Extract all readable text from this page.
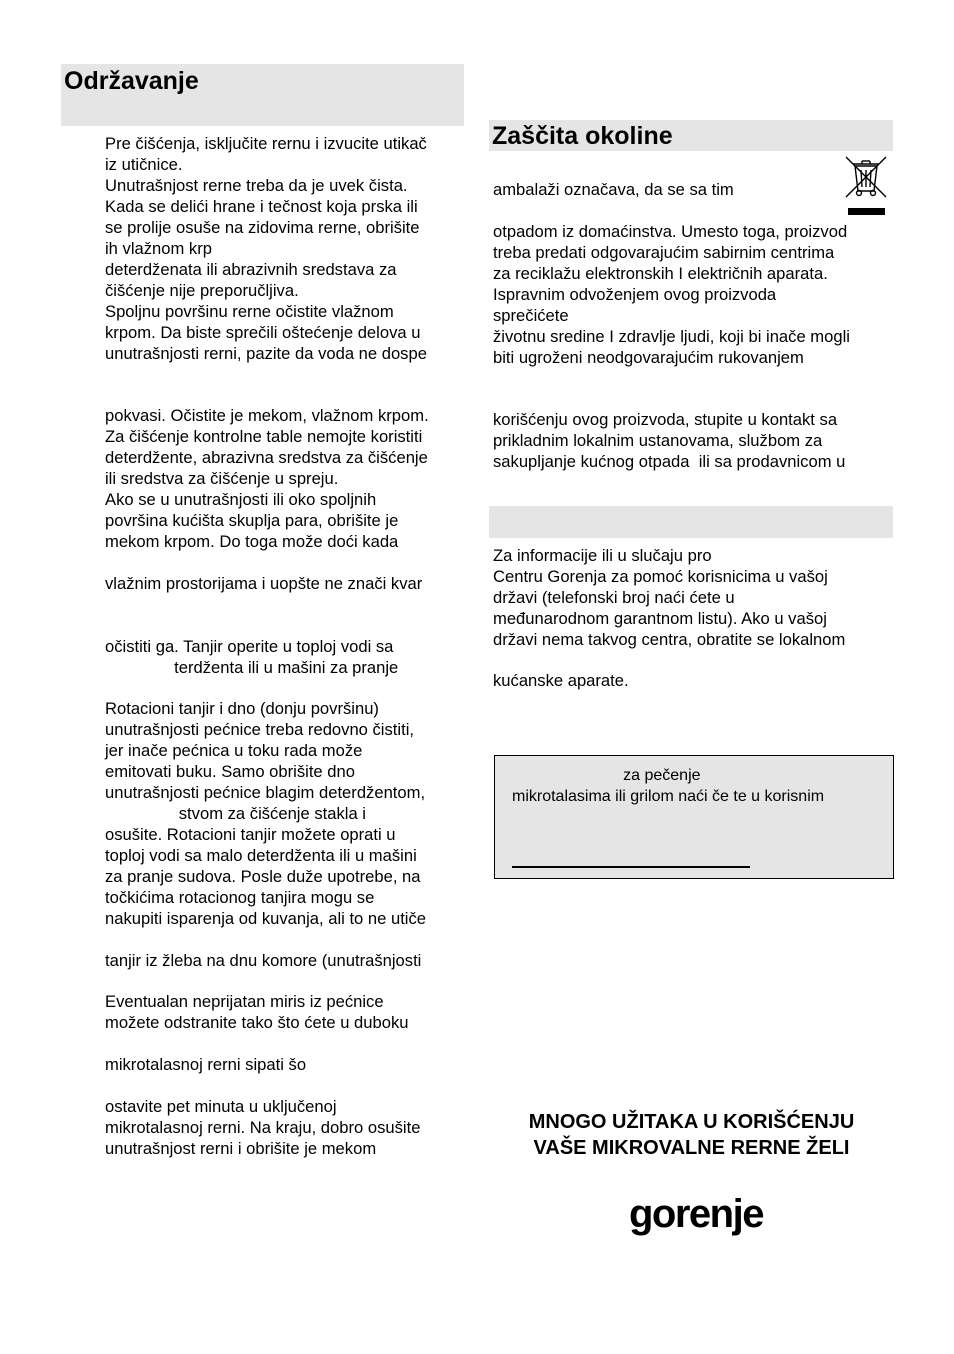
Održavanje
Pre čišćenja, isključite rernu i izvucite utikač
iz utičnice.
Unutrašnjost rerne treba da je uvek čista.
Kada se delići hrane i tečnost koja prska ili
se prolije osuše na zidovima rerne, obrišite
ih vlažnom krp
deterdženata ili abrazivnih sredstava za
čišćenje nije preporučljiva.
Spoljnu površinu rerne očistite vlažnom
krpom. Da biste sprečili oštećenje delova u
unutrašnjosti rerni, pazite da voda ne dospe
pokvasi. Očistite je mekom, vlažnom krpom.
Za čišćenje kontrolne table nemojte koristiti
deterdžente, abrazivna sredstva za čišćenje
ili sredstva za čišćenje u spreju.
Ako se u unutrašnjosti ili oko spoljnih
površina kućišta skuplja para, obrišite je
mekom krpom. Do toga može doći kada
vlažnim prostorijama i uopšte ne znači kvar
očistiti ga. Tanjir operite u toploj vodi sa
terdženta ili u mašini za pranje
Rotacioni tanjir i dno (donju površinu)
unutrašnjosti pećnice treba redovno čistiti,
jer inače pećnica u toku rada može
emitovati buku. Samo obrišite dno
unutrašnjosti pećnice blagim deterdžentom,
stvom za čišćenje stakla i
osušite. Rotacioni tanjir možete oprati u
toploj vodi sa malo deterdženta ili u mašini
za pranje sudova. Posle duže upotrebe, na
točkićima rotacionog tanjira mogu se
nakupiti isparenja od kuvanja, ali to ne utiče
tanjir iz žleba na dnu komore (unutrašnjosti
Eventualan neprijatan miris iz pećnice
možete odstranite tako što ćete u duboku
mikrotalasnoj rerni sipati šo
ostavite pet minuta u uključenoj
mikrotalasnoj rerni. Na kraju, dobro osušite
unutrašnjost rerni i obrišite je mekom
Zaščita okoline
ambalaži označava, da se sa tim
otpadom iz domaćinstva. Umesto toga, proizvod
treba predati odgovarajućim sabirnim centrima
za reciklažu elektronskih I električnih aparata.
Ispravnim odvoženjem ovog proizvoda
sprečićete
životnu sredine I zdravlje ljudi, koji bi inače mogli
biti ugroženi neodgovarajućim rukovanjem
korišćenju ovog proizvoda, stupite u kontakt sa
prikladnim lokalnim ustanovama, službom za
sakupljanje kućnog otpada  ili sa prodavnicom u
Za informacije ili u slučaju pro
Centru Gorenja za pomoć korisnicima u vašoj
državi (telefonski broj naći ćete u
međunarodnom garantnom listu). Ako u vašoj
državi nema takvog centra, obratite se lokalnom
kućanske aparate.
za pečenje
mikrotalasima ili grilom naći če te u korisnim
MNOGO UŽITAKA U KORIŠĆENJU
VAŠE MIKROVALNE RERNE ŽELI
gorenje
